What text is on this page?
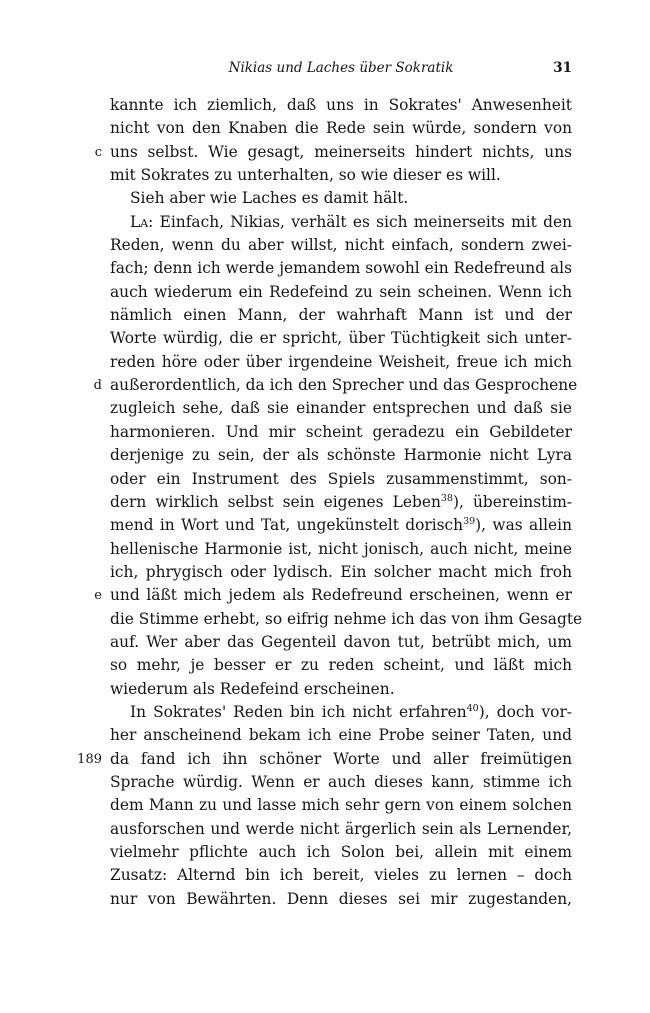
Nikias und Laches über Sokratik	31
kannte ich ziemlich, daß uns in Sokrates' Anwesenheit
nicht von den Knaben die Rede sein würde, sondern von
c uns selbst. Wie gesagt, meinerseits hindert nichts, uns
mit Sokrates zu unterhalten, so wie dieser es will.
Sieh aber wie Laches es damit hält.
La: Einfach, Nikias, verhält es sich meinerseits mit den
Reden, wenn du aber willst, nicht einfach, sondern zwei-
fach; denn ich werde jemandem sowohl ein Redefreund als
auch wiederum ein Redefeind zu sein scheinen. Wenn ich
nämlich einen Mann, der wahrhaft Mann ist und der
Worte würdig, die er spricht, über Tüchtigkeit sich unter-
reden höre oder über irgendeine Weisheit, freue ich mich
d außerordentlich, da ich den Sprecher und das Gesprochene
zugleich sehe, daß sie einander entsprechen und daß sie
harmonieren. Und mir scheint geradezu ein Gebildeter
derjenige zu sein, der als schönste Harmonie nicht Lyra
oder ein Instrument des Spiels zusammenstimmt, son-
dern wirklich selbst sein eigenes Leben$^{38}$), übereinstim-
mend in Wort und Tat, ungekünstelt dorisch$^{39}$), was allein
hellenische Harmonie ist, nicht jonisch, auch nicht, meine
ich, phrygisch oder lydisch. Ein solcher macht mich froh
e und läßt mich jedem als Redefreund erscheinen, wenn er
die Stimme erhebt, so eifrig nehme ich das von ihm Gesagte
auf. Wer aber das Gegenteil davon tut, betrübt mich, um
so mehr, je besser er zu reden scheint, und läßt mich
wiederum als Redefeind erscheinen.
In Sokrates' Reden bin ich nicht erfahren$^{40}$), doch vor-
her anscheinend bekam ich eine Probe seiner Taten, und
189 da fand ich ihn schöner Worte und aller freimütigen
Sprache würdig. Wenn er auch dieses kann, stimme ich
dem Mann zu und lasse mich sehr gern von einem solchen
ausforschen und werde nicht ärgerlich sein als Lernender,
vielmehr pflichte auch ich Solon bei, allein mit einem
Zusatz: Alternd bin ich bereit, vieles zu lernen – doch
nur von Bewährten. Denn dieses sei mir zugestanden,
